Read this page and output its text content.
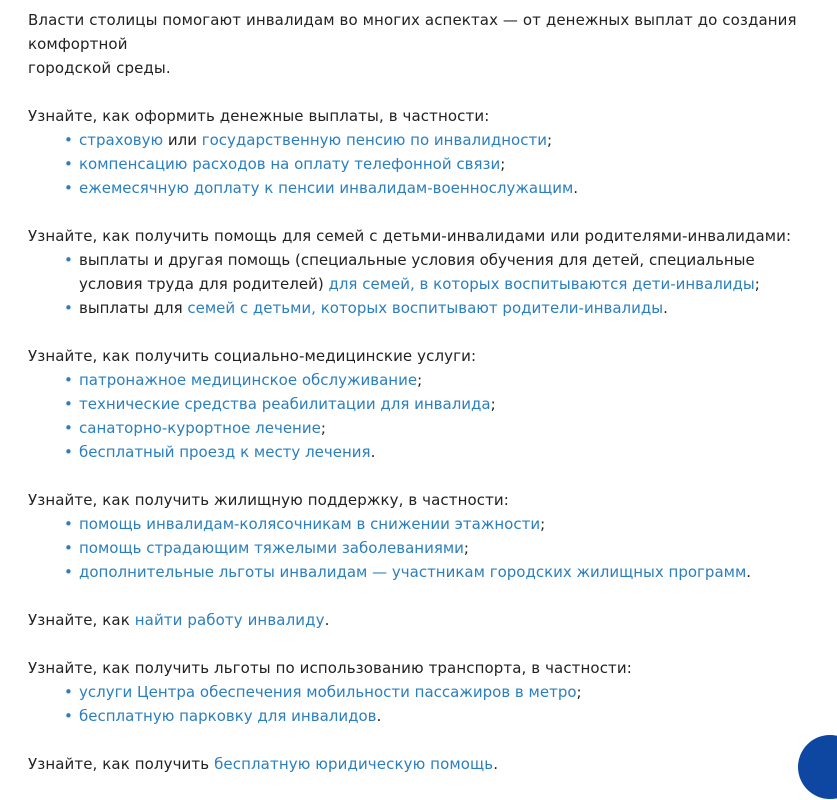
Власти столицы помогают инвалидам во многих аспектах — от денежных выплат до создания комфортной
городской среды.

Узнайте, как оформить денежные выплаты, в частности:

• страховую или государственную пенсию по инвалидности;
• компенсацию расходов на оплату телефонной связи;
• ежемесячную доплату к пенсии инвалидам-военнослужащим.

Узнайте, как получить помощь для семей с детьми-инвалидами или родителями-инвалидами:

• выплаты и другая помощь (специальные условия обучения для детей, специальные условия труда для родителей) для семей, в которых воспитываются дети-инвалиды;
• выплаты для семей с детьми, которых воспитывают родители-инвалиды.

Узнайте, как получить социально-медицинские услуги:

• патронажное медицинское обслуживание;
• технические средства реабилитации для инвалида;
• санаторно-курортное лечение;
• бесплатный проезд к месту лечения.

Узнайте, как получить жилищную поддержку, в частности:

• помощь инвалидам-колясочникам в снижении этажности;
• помощь страдающим тяжелыми заболеваниями;
• дополнительные льготы инвалидам — участникам городских жилищных программ.

Узнайте, как найти работу инвалиду.

Узнайте, как получить льготы по использованию транспорта, в частности:

• услуги Центра обеспечения мобильности пассажиров в метро;
• бесплатную парковку для инвалидов.

Узнайте, как получить бесплатную юридическую помощь.
